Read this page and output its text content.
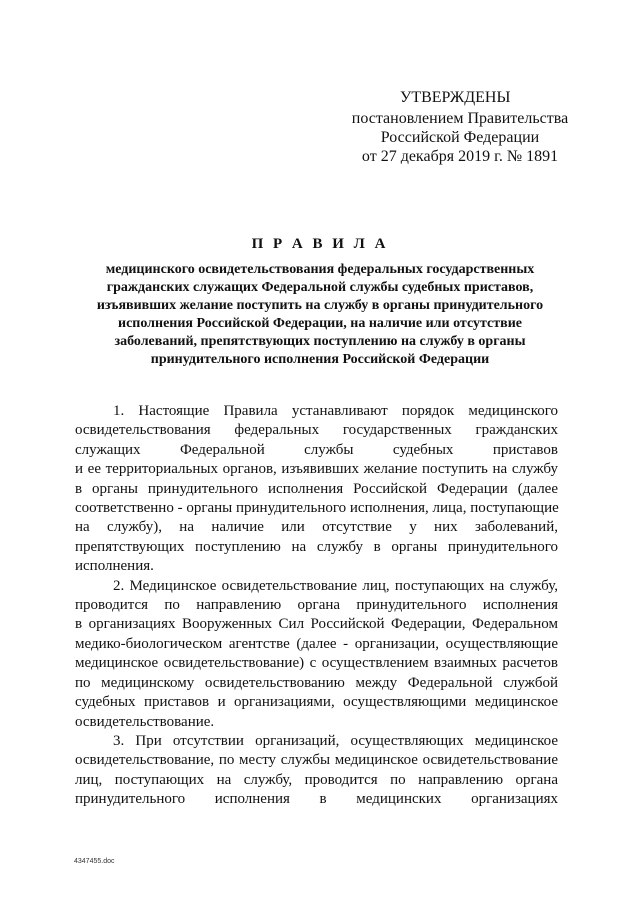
УТВЕРЖДЕНЫ
постановлением Правительства
Российской Федерации
от 27 декабря 2019 г. № 1891
П Р А В И Л А
медицинского освидетельствования федеральных государственных
гражданских служащих Федеральной службы судебных приставов,
изъявивших желание поступить на службу в органы принудительного
исполнения Российской Федерации, на наличие или отсутствие
заболеваний, препятствующих поступлению на службу в органы
принудительного исполнения Российской Федерации
1. Настоящие Правила устанавливают порядок медицинского
освидетельствования федеральных государственных гражданских
служащих Федеральной службы судебных приставов
и ее территориальных органов, изъявивших желание поступить на службу
в органы принудительного исполнения Российской Федерации (далее
соответственно - органы принудительного исполнения, лица, поступающие
на службу), на наличие или отсутствие у них заболеваний,
препятствующих поступлению на службу в органы принудительного
исполнения.
2. Медицинское освидетельствование лиц, поступающих на службу,
проводится по направлению органа принудительного исполнения
в организациях Вооруженных Сил Российской Федерации, Федеральном
медико-биологическом агентстве (далее - организации, осуществляющие
медицинское освидетельствование) с осуществлением взаимных расчетов
по медицинскому освидетельствованию между Федеральной службой
судебных приставов и организациями, осуществляющими медицинское
освидетельствование.
3. При отсутствии организаций, осуществляющих медицинское
освидетельствование, по месту службы медицинское освидетельствование
лиц, поступающих на службу, проводится по направлению органа
принудительного исполнения в медицинских организациях
4347455.doc
